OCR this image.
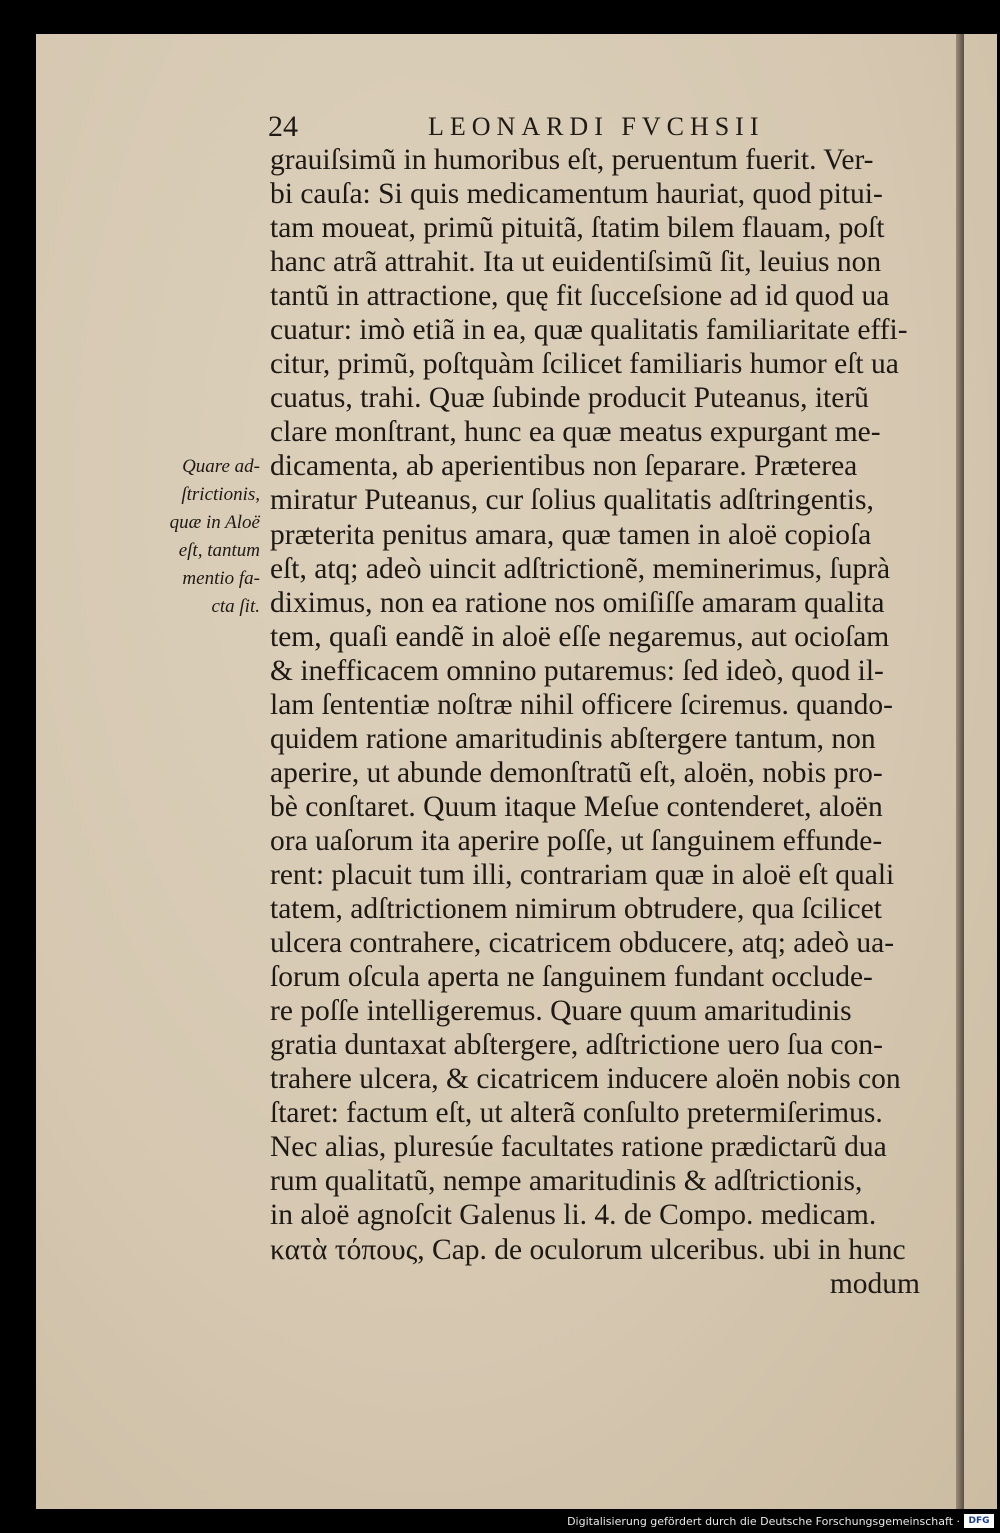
24	LEONARDI FVCHSII
Quare ad-
ſtrictionis,
quæ in Aloë
eſt, tantum
mentio fa-
cta ſit.
grauiſsimũ in humoribus eſt, peruentum fuerit. Ver-
bi cauſa: Si quis medicamentum hauriat, quod pitui-
tam moueat, primũ pituitã, ſtatim bilem flauam, poſt
hanc atrã attrahit. Ita ut euidentiſsimũ ſit, leuius non
tantũ in attractione, quę fit ſucceſsione ad id quod ua
cuatur: imò etiã in ea, quæ qualitatis familiaritate effi-
citur, primũ, poſtquàm ſcilicet familiaris humor eſt ua
cuatus, trahi. Quæ ſubinde producit Puteanus, iterũ
clare monſtrant, hunc ea quæ meatus expurgant me-
dicamenta, ab aperientibus non ſeparare. Præterea
miratur Puteanus, cur ſolius qualitatis adſtringentis,
præterita penitus amara, quæ tamen in aloë copioſa
eſt, atq; adeò uincit adſtrictionẽ, meminerimus, ſuprà
diximus, non ea ratione nos omiſiſſe amaram qualita
tem, quaſi eandẽ in aloë eſſe negaremus, aut ocioſam
& inefficacem omnino putaremus: ſed ideò, quod il-
lam ſententiæ noſtræ nihil officere ſciremus. quando-
quidem ratione amaritudinis abſtergere tantum, non
aperire, ut abunde demonſtratũ eſt, aloën, nobis pro-
bè conſtaret. Quum itaque Meſue contenderet, aloën
ora uaſorum ita aperire poſſe, ut ſanguinem effunde-
rent: placuit tum illi, contrariam quæ in aloë eſt quali
tatem, adſtrictionem nimirum obtrudere, qua ſcilicet
ulcera contrahere, cicatricem obducere, atq; adeò ua-
ſorum oſcula aperta ne ſanguinem fundant occlude-
re poſſe intelligeremus. Quare quum amaritudinis
gratia duntaxat abſtergere, adſtrictione uero ſua con-
trahere ulcera, & cicatricem inducere aloën nobis con
ſtaret: factum eſt, ut alterã conſulto pretermiſerimus.
Nec alias, pluresúe facultates ratione prædictarũ dua
rum qualitatũ, nempe amaritudinis & adſtrictionis,
in aloë agnoſcit Galenus li. 4. de Compo. medicam.
κατὰ τόπους, Cap. de oculorum ulceribus. ubi in hunc
modum
Digitalisierung gefördert durch die Deutsche Forschungsgemeinschaft · DFG
